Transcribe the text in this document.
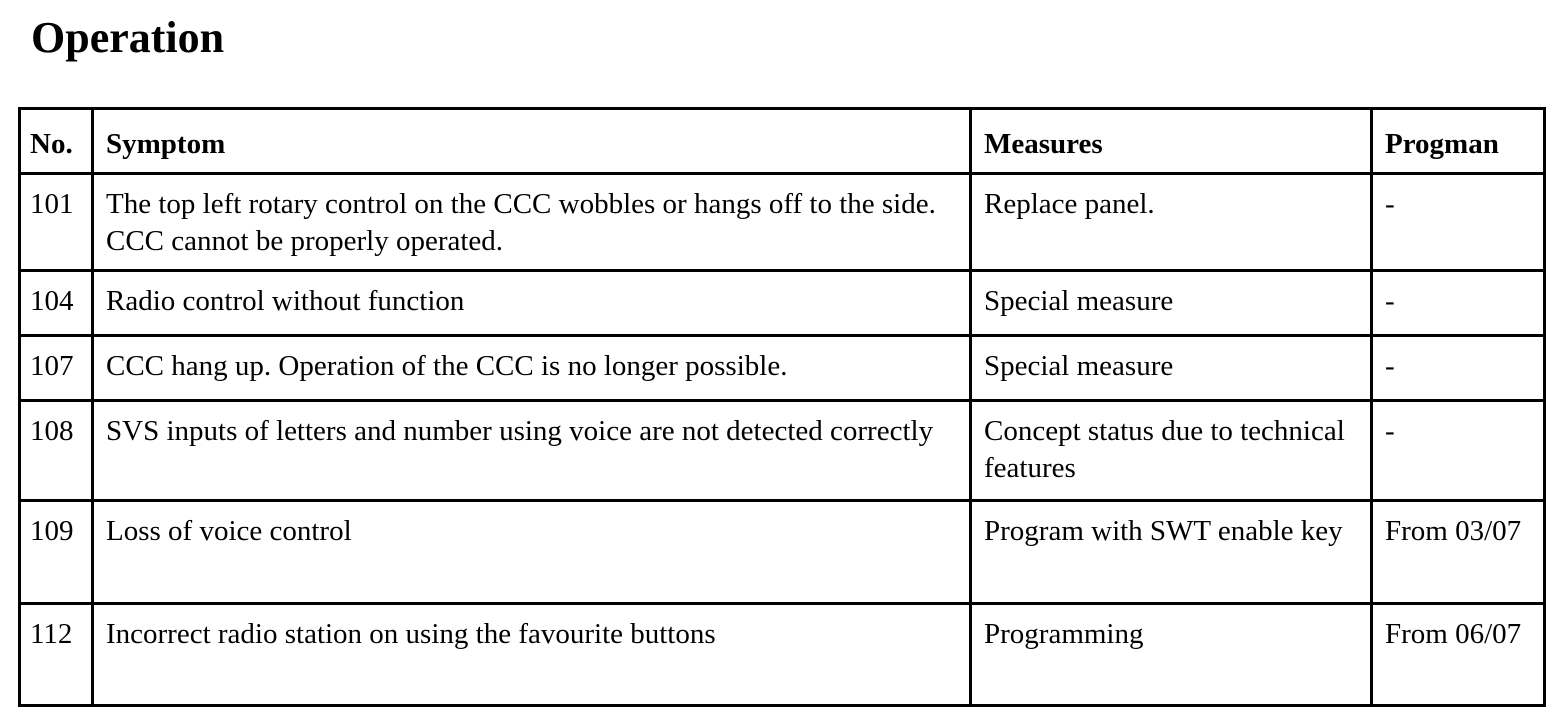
Operation
No.	Symptom	Measures	Progman
101	The top left rotary control on the CCC wobbles or hangs off to the side. CCC cannot be properly operated.	Replace panel.	-
104	Radio control without function	Special measure	-
107	CCC hang up. Operation of the CCC is no longer possible.	Special measure	-
108	SVS inputs of letters and number using voice are not detected correctly	Concept status due to technical features	-
109	Loss of voice control	Program with SWT enable key	From 03/07
112	Incorrect radio station on using the favourite buttons	Programming	From 06/07
